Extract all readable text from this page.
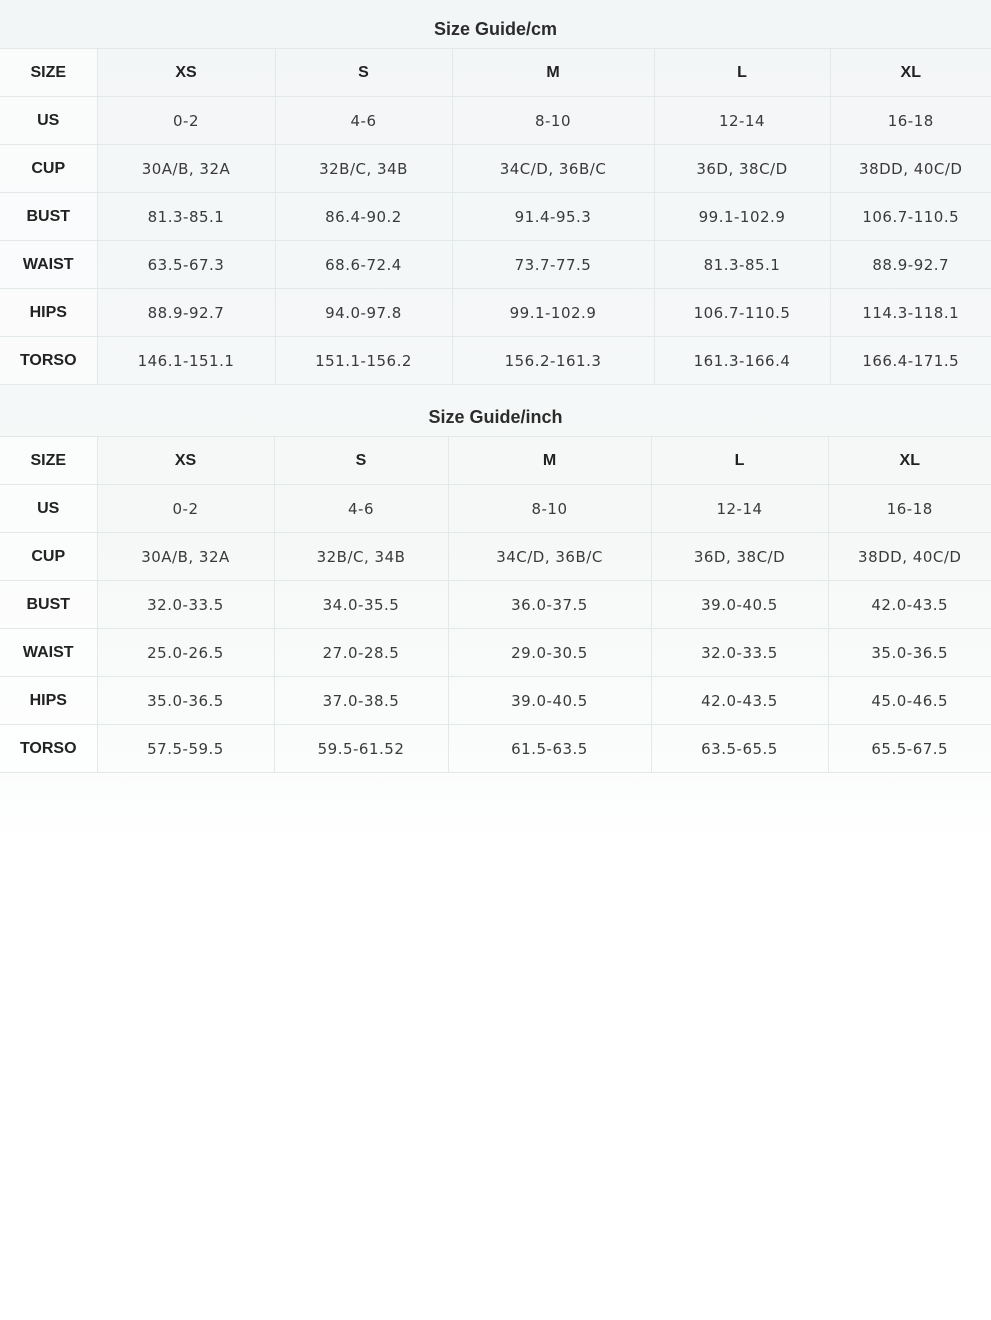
Size Guide/cm
SIZE	XS	S	M	L	XL
US	0-2	4-6	8-10	12-14	16-18
CUP	30A/B, 32A	32B/C, 34B	34C/D, 36B/C	36D, 38C/D	38DD, 40C/D
BUST	81.3-85.1	86.4-90.2	91.4-95.3	99.1-102.9	106.7-110.5
WAIST	63.5-67.3	68.6-72.4	73.7-77.5	81.3-85.1	88.9-92.7
HIPS	88.9-92.7	94.0-97.8	99.1-102.9	106.7-110.5	114.3-118.1
TORSO	146.1-151.1	151.1-156.2	156.2-161.3	161.3-166.4	166.4-171.5
Size Guide/inch
SIZE	XS	S	M	L	XL
US	0-2	4-6	8-10	12-14	16-18
CUP	30A/B, 32A	32B/C, 34B	34C/D, 36B/C	36D, 38C/D	38DD, 40C/D
BUST	32.0-33.5	34.0-35.5	36.0-37.5	39.0-40.5	42.0-43.5
WAIST	25.0-26.5	27.0-28.5	29.0-30.5	32.0-33.5	35.0-36.5
HIPS	35.0-36.5	37.0-38.5	39.0-40.5	42.0-43.5	45.0-46.5
TORSO	57.5-59.5	59.5-61.52	61.5-63.5	63.5-65.5	65.5-67.5
